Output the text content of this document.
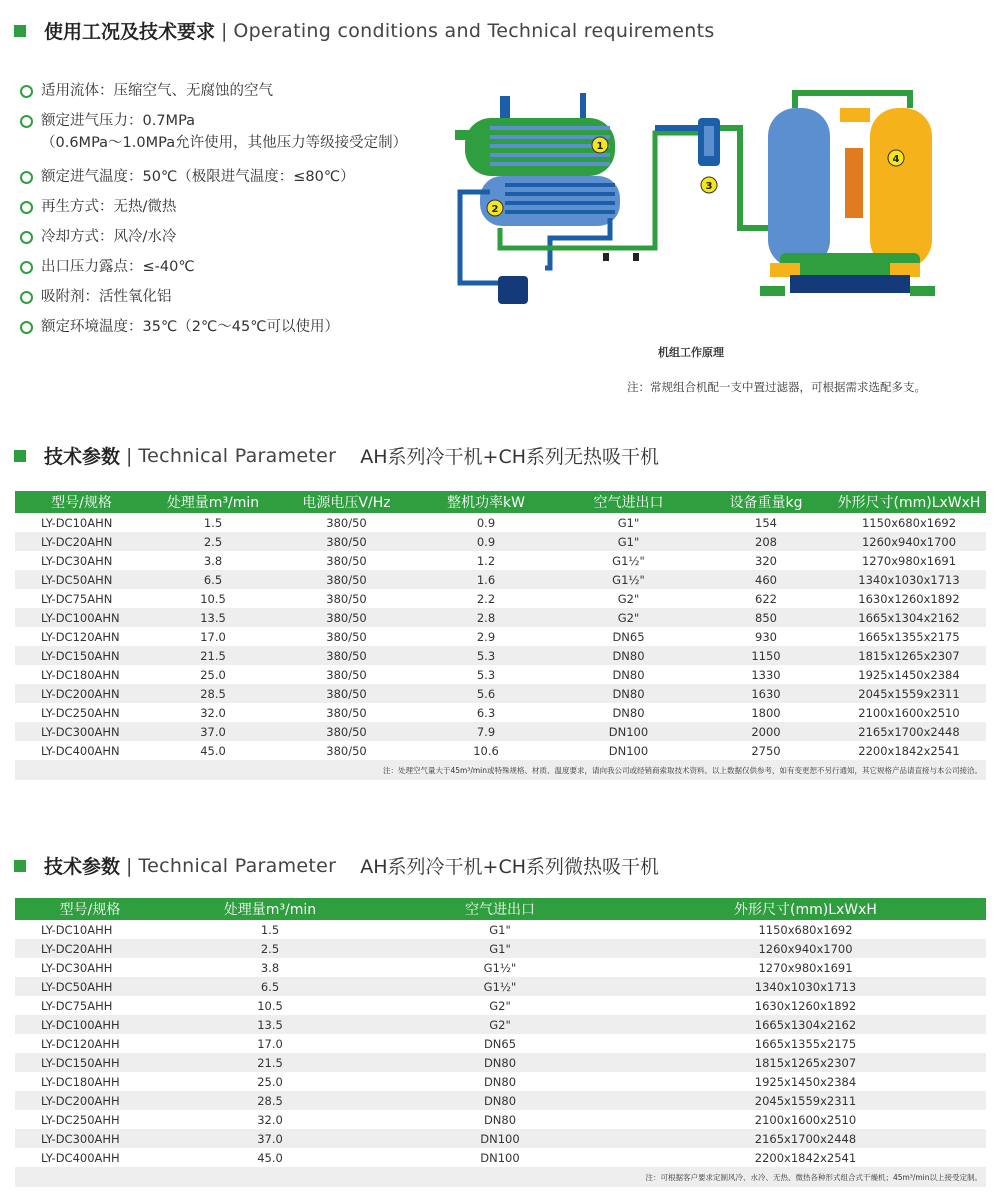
使用工况及技术要求 | Operating conditions and Technical requirements
适用流体：压缩空气、无腐蚀的空气
额定进气压力：0.7MPa
（0.6MPa～1.0MPa允许使用，其他压力等级接受定制）
额定进气温度：50℃（极限进气温度：≤80℃）
再生方式：无热/微热
冷却方式：风冷/水冷
出口压力露点：≤-40℃
吸附剂：活性氧化铝
额定环境温度：35℃（2℃～45℃可以使用）
1
2
3
4
机组工作原理
注：常规组合机配一支中置过滤器，可根据需求选配多支。
技术参数 | Technical Parameter AH系列冷干机+CH系列无热吸干机
型号/规格	处理量m³/min	电源电压V/Hz	整机功率kW	空气进出口	设备重量kg	外形尺寸(mm)LxWxH
LY-DC10AHN	1.5	380/50	0.9	G1"	154	1150x680x1692
LY-DC20AHN	2.5	380/50	0.9	G1"	208	1260x940x1700
LY-DC30AHN	3.8	380/50	1.2	G1½"	320	1270x980x1691
LY-DC50AHN	6.5	380/50	1.6	G1½"	460	1340x1030x1713
LY-DC75AHN	10.5	380/50	2.2	G2"	622	1630x1260x1892
LY-DC100AHN	13.5	380/50	2.8	G2"	850	1665x1304x2162
LY-DC120AHN	17.0	380/50	2.9	DN65	930	1665x1355x2175
LY-DC150AHN	21.5	380/50	5.3	DN80	1150	1815x1265x2307
LY-DC180AHN	25.0	380/50	5.3	DN80	1330	1925x1450x2384
LY-DC200AHN	28.5	380/50	5.6	DN80	1630	2045x1559x2311
LY-DC250AHN	32.0	380/50	6.3	DN80	1800	2100x1600x2510
LY-DC300AHN	37.0	380/50	7.9	DN100	2000	2165x1700x2448
LY-DC400AHN	45.0	380/50	10.6	DN100	2750	2200x1842x2541
注：处理空气量大于45m³/min或特殊规格、材质、温度要求，请向我公司或经销商索取技术资料。以上数据仅供参考，如有变更恕不另行通知，其它规格产品请直接与本公司接洽。						
技术参数 | Technical Parameter AH系列冷干机+CH系列微热吸干机
型号/规格	处理量m³/min	空气进出口	外形尺寸(mm)LxWxH
LY-DC10AHH	1.5	G1"	1150x680x1692
LY-DC20AHH	2.5	G1"	1260x940x1700
LY-DC30AHH	3.8	G1½"	1270x980x1691
LY-DC50AHH	6.5	G1½"	1340x1030x1713
LY-DC75AHH	10.5	G2"	1630x1260x1892
LY-DC100AHH	13.5	G2"	1665x1304x2162
LY-DC120AHH	17.0	DN65	1665x1355x2175
LY-DC150AHH	21.5	DN80	1815x1265x2307
LY-DC180AHH	25.0	DN80	1925x1450x2384
LY-DC200AHH	28.5	DN80	2045x1559x2311
LY-DC250AHH	32.0	DN80	2100x1600x2510
LY-DC300AHH	37.0	DN100	2165x1700x2448
LY-DC400AHH	45.0	DN100	2200x1842x2541
注：可根据客户要求定制风冷、水冷、无热、微热各种形式组合式干燥机；45m³/min以上接受定制。			
